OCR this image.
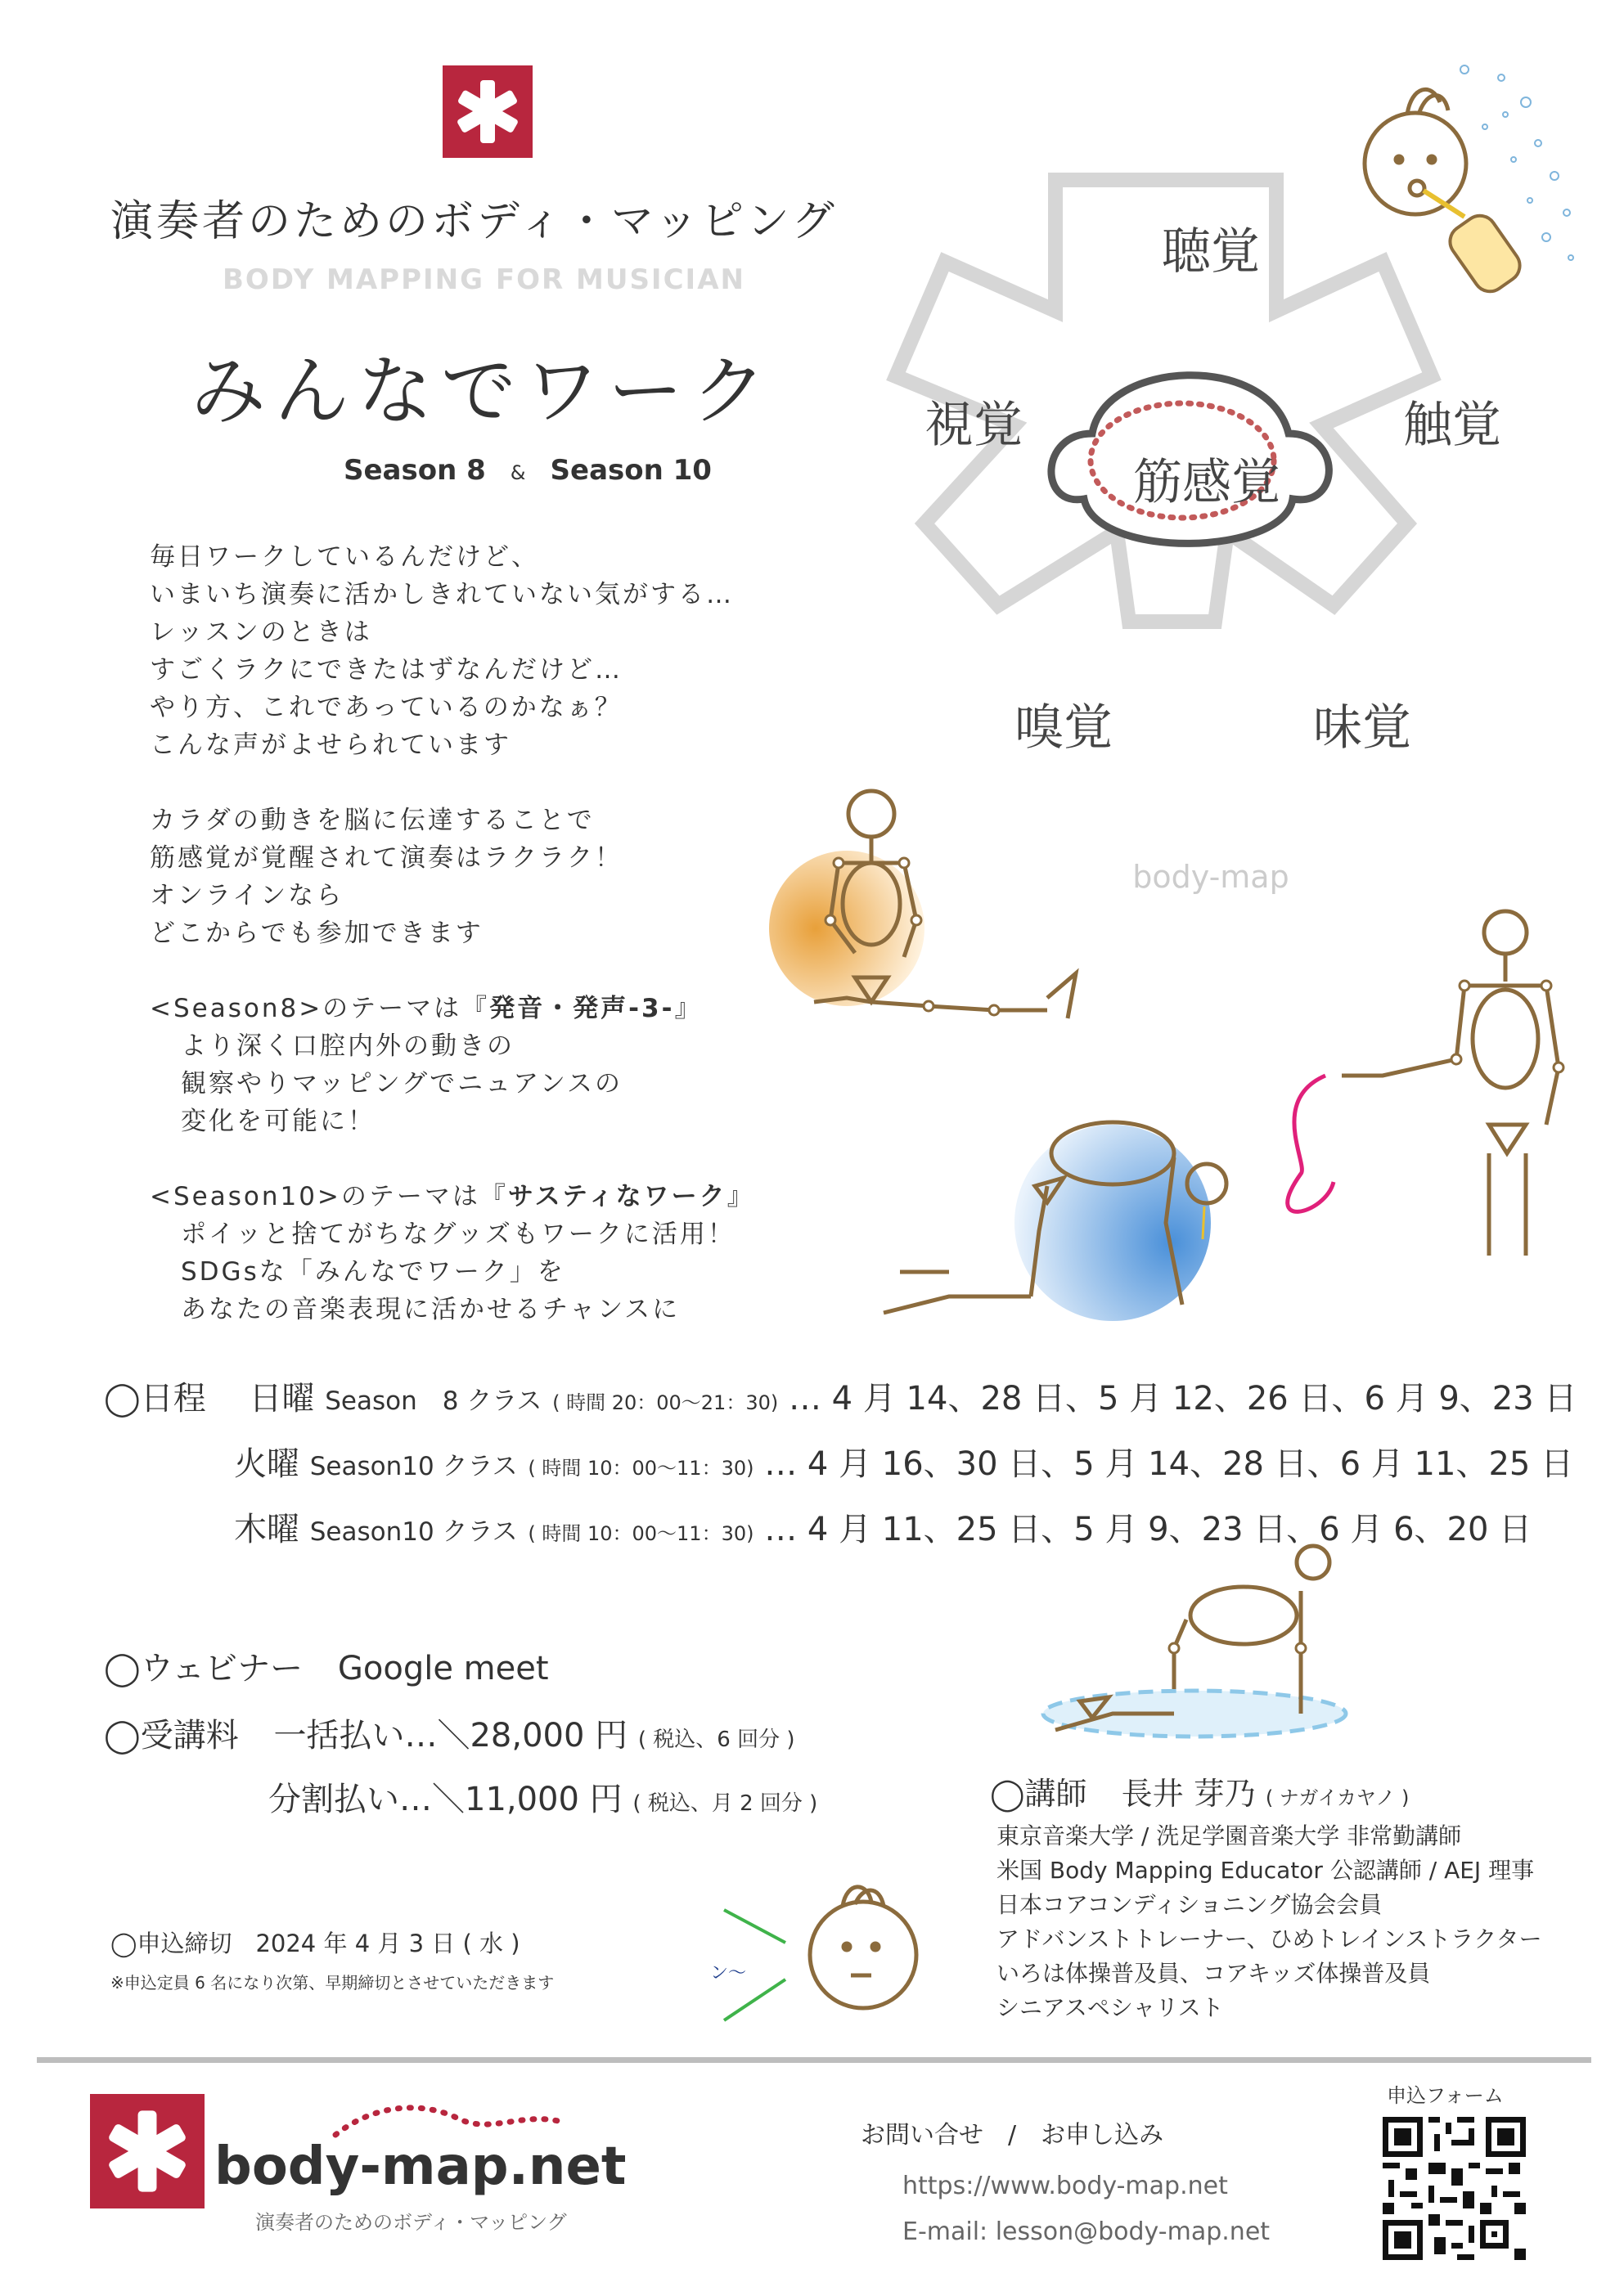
演奏者のためのボディ・マッピング
BODY MAPPING FOR MUSICIAN
みんなでワーク
Season 8 & Season 10
聴覚
視覚	触覚
筋感覚
嗅覚	味覚
body-map

毎日ワークしているんだけど、
いまいち演奏に活かしきれていない気がする…
レッスンのときは
すごくラクにできたはずなんだけど…
やり方、これであっているのかなぁ？
こんな声がよせられています

カラダの動きを脳に伝達することで
筋感覚が覚醒されて演奏はラクラク！
オンラインなら
どこからでも参加できます

<Season8>のテーマは『発音・発声-3-』
より深く口腔内外の動きの
観察やりマッピングでニュアンスの
変化を可能に！

<Season10>のテーマは『サスティなワーク』
ポイッと捨てがちなグッズもワークに活用！
SDGsな「みんなでワーク」を
あなたの音楽表現に活かせるチャンスに

◯日程 日曜 Season　8 クラス ( 時間 20：00〜21：30) … 4 月 14、28 日、5 月 12、26 日、6 月 9、23 日
火曜 Season10 クラス ( 時間 10：00〜11：30) … 4 月 16、30 日、5 月 14、28 日、6 月 11、25 日
木曜 Season10 クラス ( 時間 10：00〜11：30) … 4 月 11、25 日、5 月 9、23 日、6 月 6、20 日
◯ウェビナー Google meet
◯受講料 一括払い…＼28,000 円 ( 税込、6 回分 )
分割払い…＼11,000 円 ( 税込、月 2 回分 )
◯申込締切　2024 年 4 月 3 日 ( 水 )
※申込定員 6 名になり次第、早期締切とさせていただきます	ン〜
◯講師 長井 芽乃 ( ナガイカヤノ )
東京音楽大学 / 洗足学園音楽大学 非常勤講師
米国 Body Mapping Educator 公認講師 / AEJ 理事
日本コアコンディショニング協会会員
アドバンストトレーナー、ひめトレインストラクター
いろは体操普及員、コアキッズ体操普及員
シニアスペシャリスト
body-map.net
演奏者のためのボディ・マッピング
お問い合せ　/　お申し込み
https://www.body-map.net
E-mail: lesson@body-map.net
申込フォーム
